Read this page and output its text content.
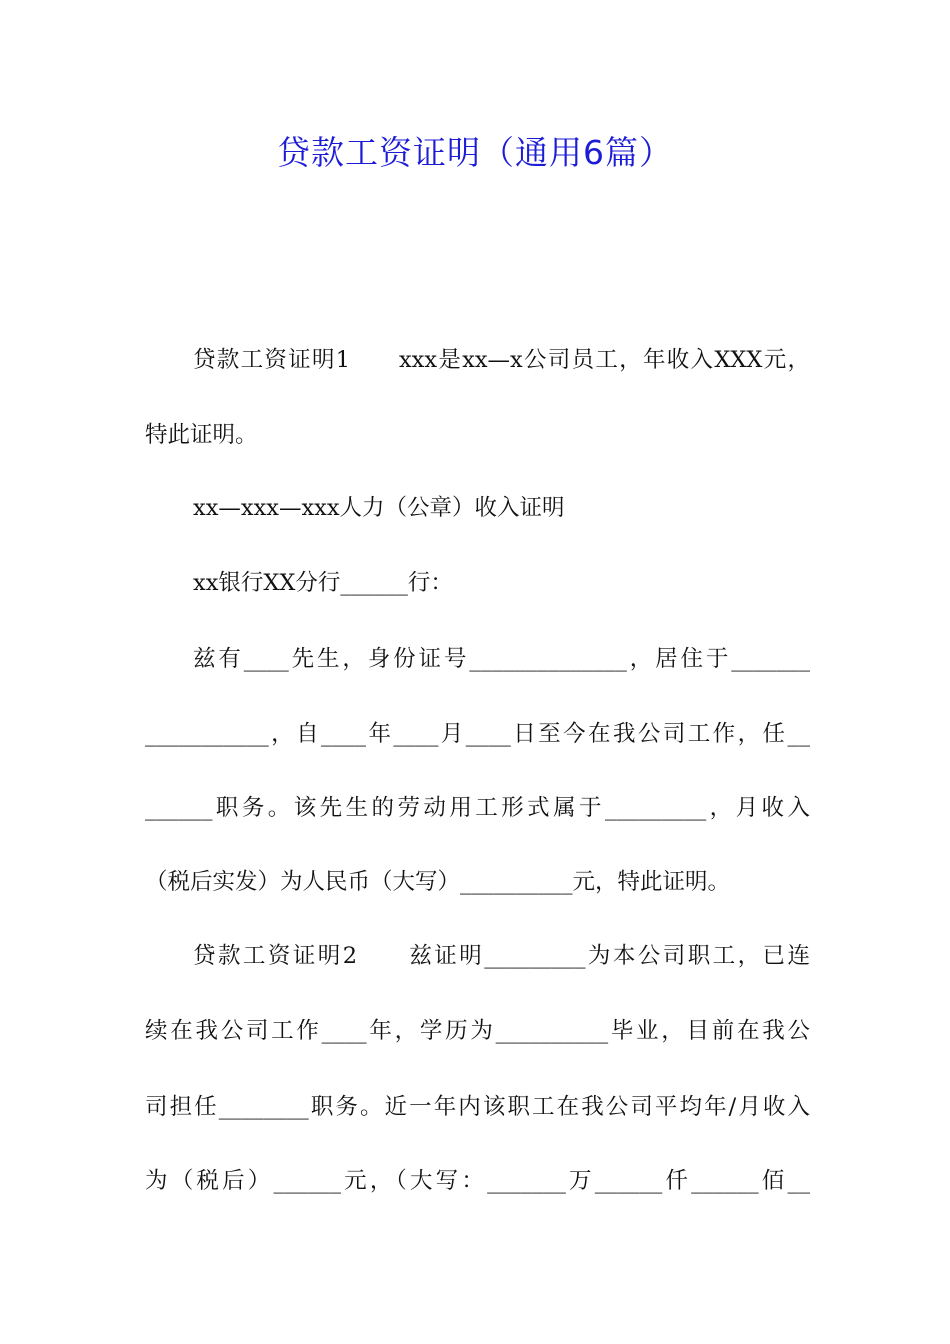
贷款工资证明（通用6篇）
贷款工资证明1　　xxx是xx—x公司员工，年收入XXX元，
特此证明。
xx—xxx—xxx人力（公章）收入证明
xx银行XX分行______行：
兹有____先生，身份证号______________，居住于_______
___________，自____年____月____日至今在我公司工作，任__
______职务。该先生的劳动用工形式属于_________，月收入
（税后实发）为人民币（大写）__________元，特此证明。
贷款工资证明2　　兹证明_________为本公司职工，已连
续在我公司工作____年，学历为__________毕业，目前在我公
司担任________职务。近一年内该职工在我公司平均年/月收入
为（税后）______元，（大写：_______万______仟______佰__
